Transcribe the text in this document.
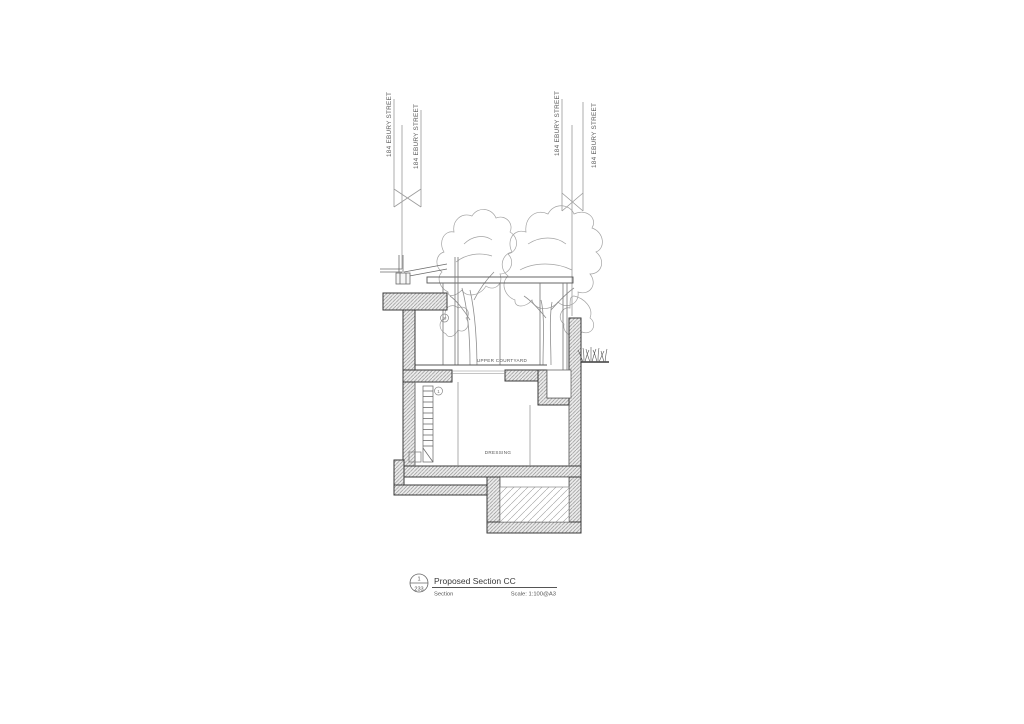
184 EBURY STREET	184 EBURY STREET	184 EBURY STREET	184 EBURY STREET
3
1
UPPER COURTYARD
DRESSING
1
233
Proposed Section CC
Section	Scale: 1:100@A3
